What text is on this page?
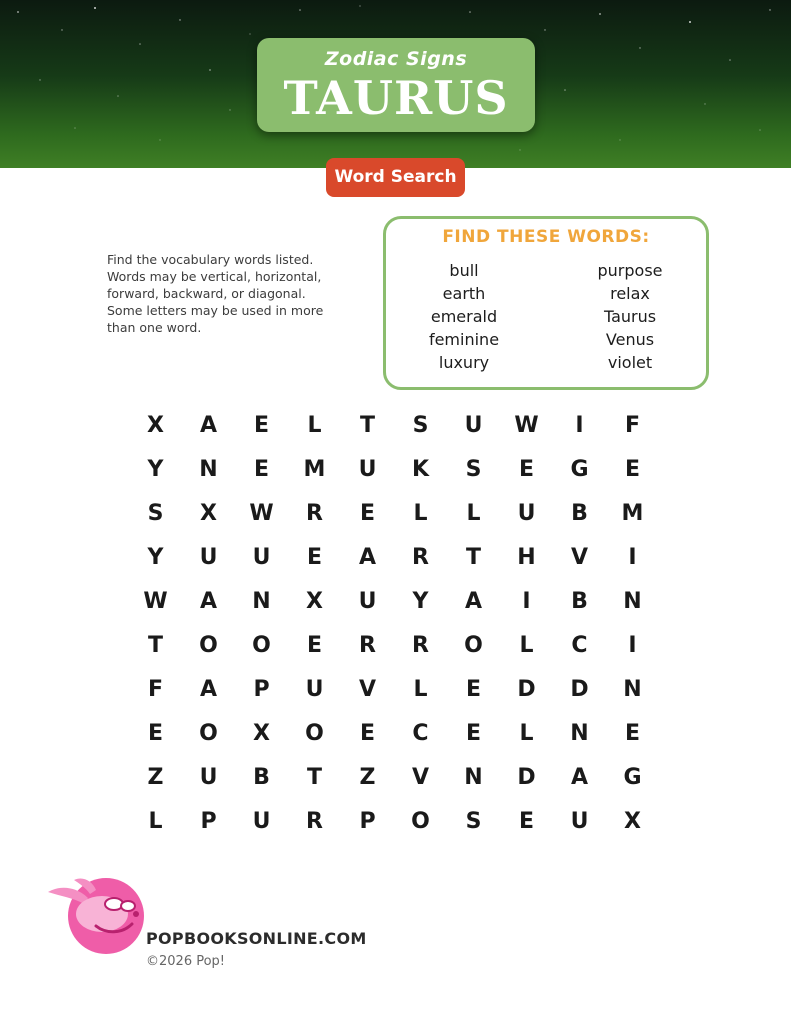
Zodiac Signs
TAURUS
Word Search
Find the vocabulary words listed. Words may be vertical, horizontal, forward, backward, or diagonal. Some letters may be used in more than one word.
FIND THESE WORDS:
bull
earth
emerald
feminine
luxury
purpose
relax
Taurus
Venus
violet
X	A	E	L	T	S	U	W	I	F
Y	N	E	M	U	K	S	E	G	E
S	X	W	R	E	L	L	U	B	M
Y	U	U	E	A	R	T	H	V	I
W	A	N	X	U	Y	A	I	B	N
T	O	O	E	R	R	O	L	C	I
F	A	P	U	V	L	E	D	D	N
E	O	X	O	E	C	E	L	N	E
Z	U	B	T	Z	V	N	D	A	G
L	P	U	R	P	O	S	E	U	X
POPBOOKSONLINE.COM
©2026 Pop!
